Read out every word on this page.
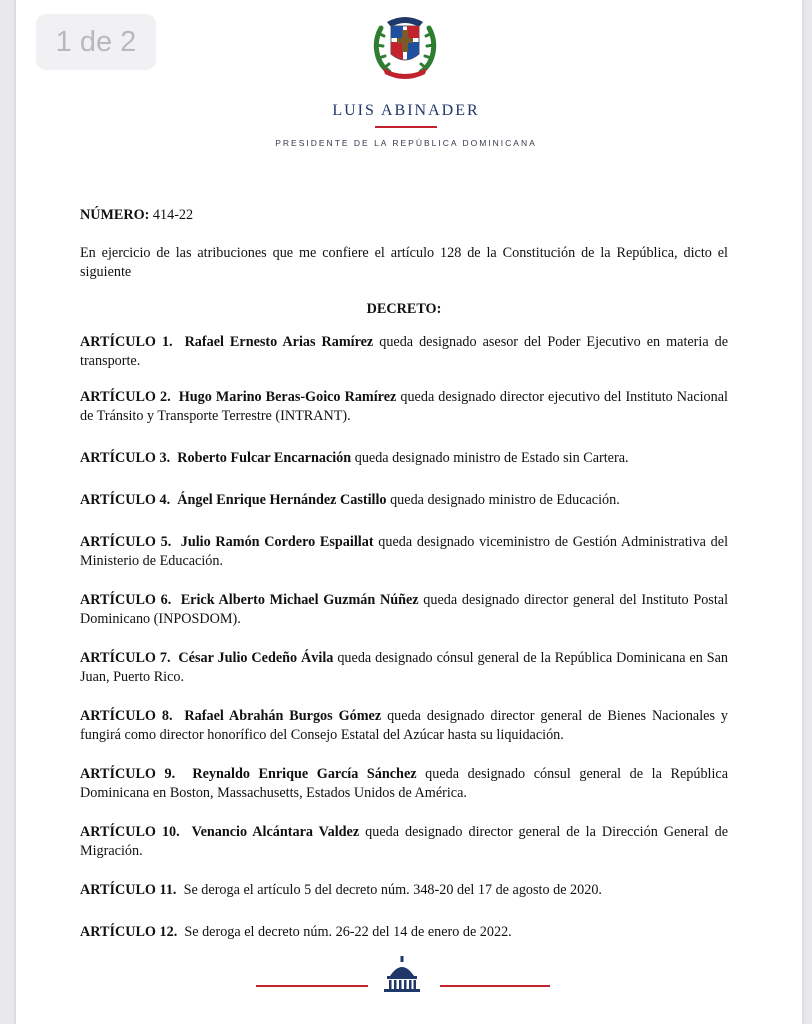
1 de 2
LUIS ABINADER
PRESIDENTE DE LA REPÚBLICA DOMINICANA

NÚMERO: 414-22

En ejercicio de las atribuciones que me confiere el artículo 128 de la Constitución de la República, dicto el siguiente

DECRETO:

ARTÍCULO 1. Rafael Ernesto Arias Ramírez queda designado asesor del Poder Ejecutivo en materia de transporte.

ARTÍCULO 2. Hugo Marino Beras-Goico Ramírez queda designado director ejecutivo del Instituto Nacional de Tránsito y Transporte Terrestre (INTRANT).

ARTÍCULO 3. Roberto Fulcar Encarnación queda designado ministro de Estado sin Cartera.

ARTÍCULO 4. Ángel Enrique Hernández Castillo queda designado ministro de Educación.

ARTÍCULO 5. Julio Ramón Cordero Espaillat queda designado viceministro de Gestión Administrativa del Ministerio de Educación.

ARTÍCULO 6. Erick Alberto Michael Guzmán Núñez queda designado director general del Instituto Postal Dominicano (INPOSDOM).

ARTÍCULO 7. César Julio Cedeño Ávila queda designado cónsul general de la República Dominicana en San Juan, Puerto Rico.

ARTÍCULO 8. Rafael Abrahán Burgos Gómez queda designado director general de Bienes Nacionales y fungirá como director honorífico del Consejo Estatal del Azúcar hasta su liquidación.

ARTÍCULO 9. Reynaldo Enrique García Sánchez queda designado cónsul general de la República Dominicana en Boston, Massachusetts, Estados Unidos de América.

ARTÍCULO 10. Venancio Alcántara Valdez queda designado director general de la Dirección General de Migración.

ARTÍCULO 11. Se deroga el artículo 5 del decreto núm. 348-20 del 17 de agosto de 2020.

ARTÍCULO 12. Se deroga el decreto núm. 26-22 del 14 de enero de 2022.
